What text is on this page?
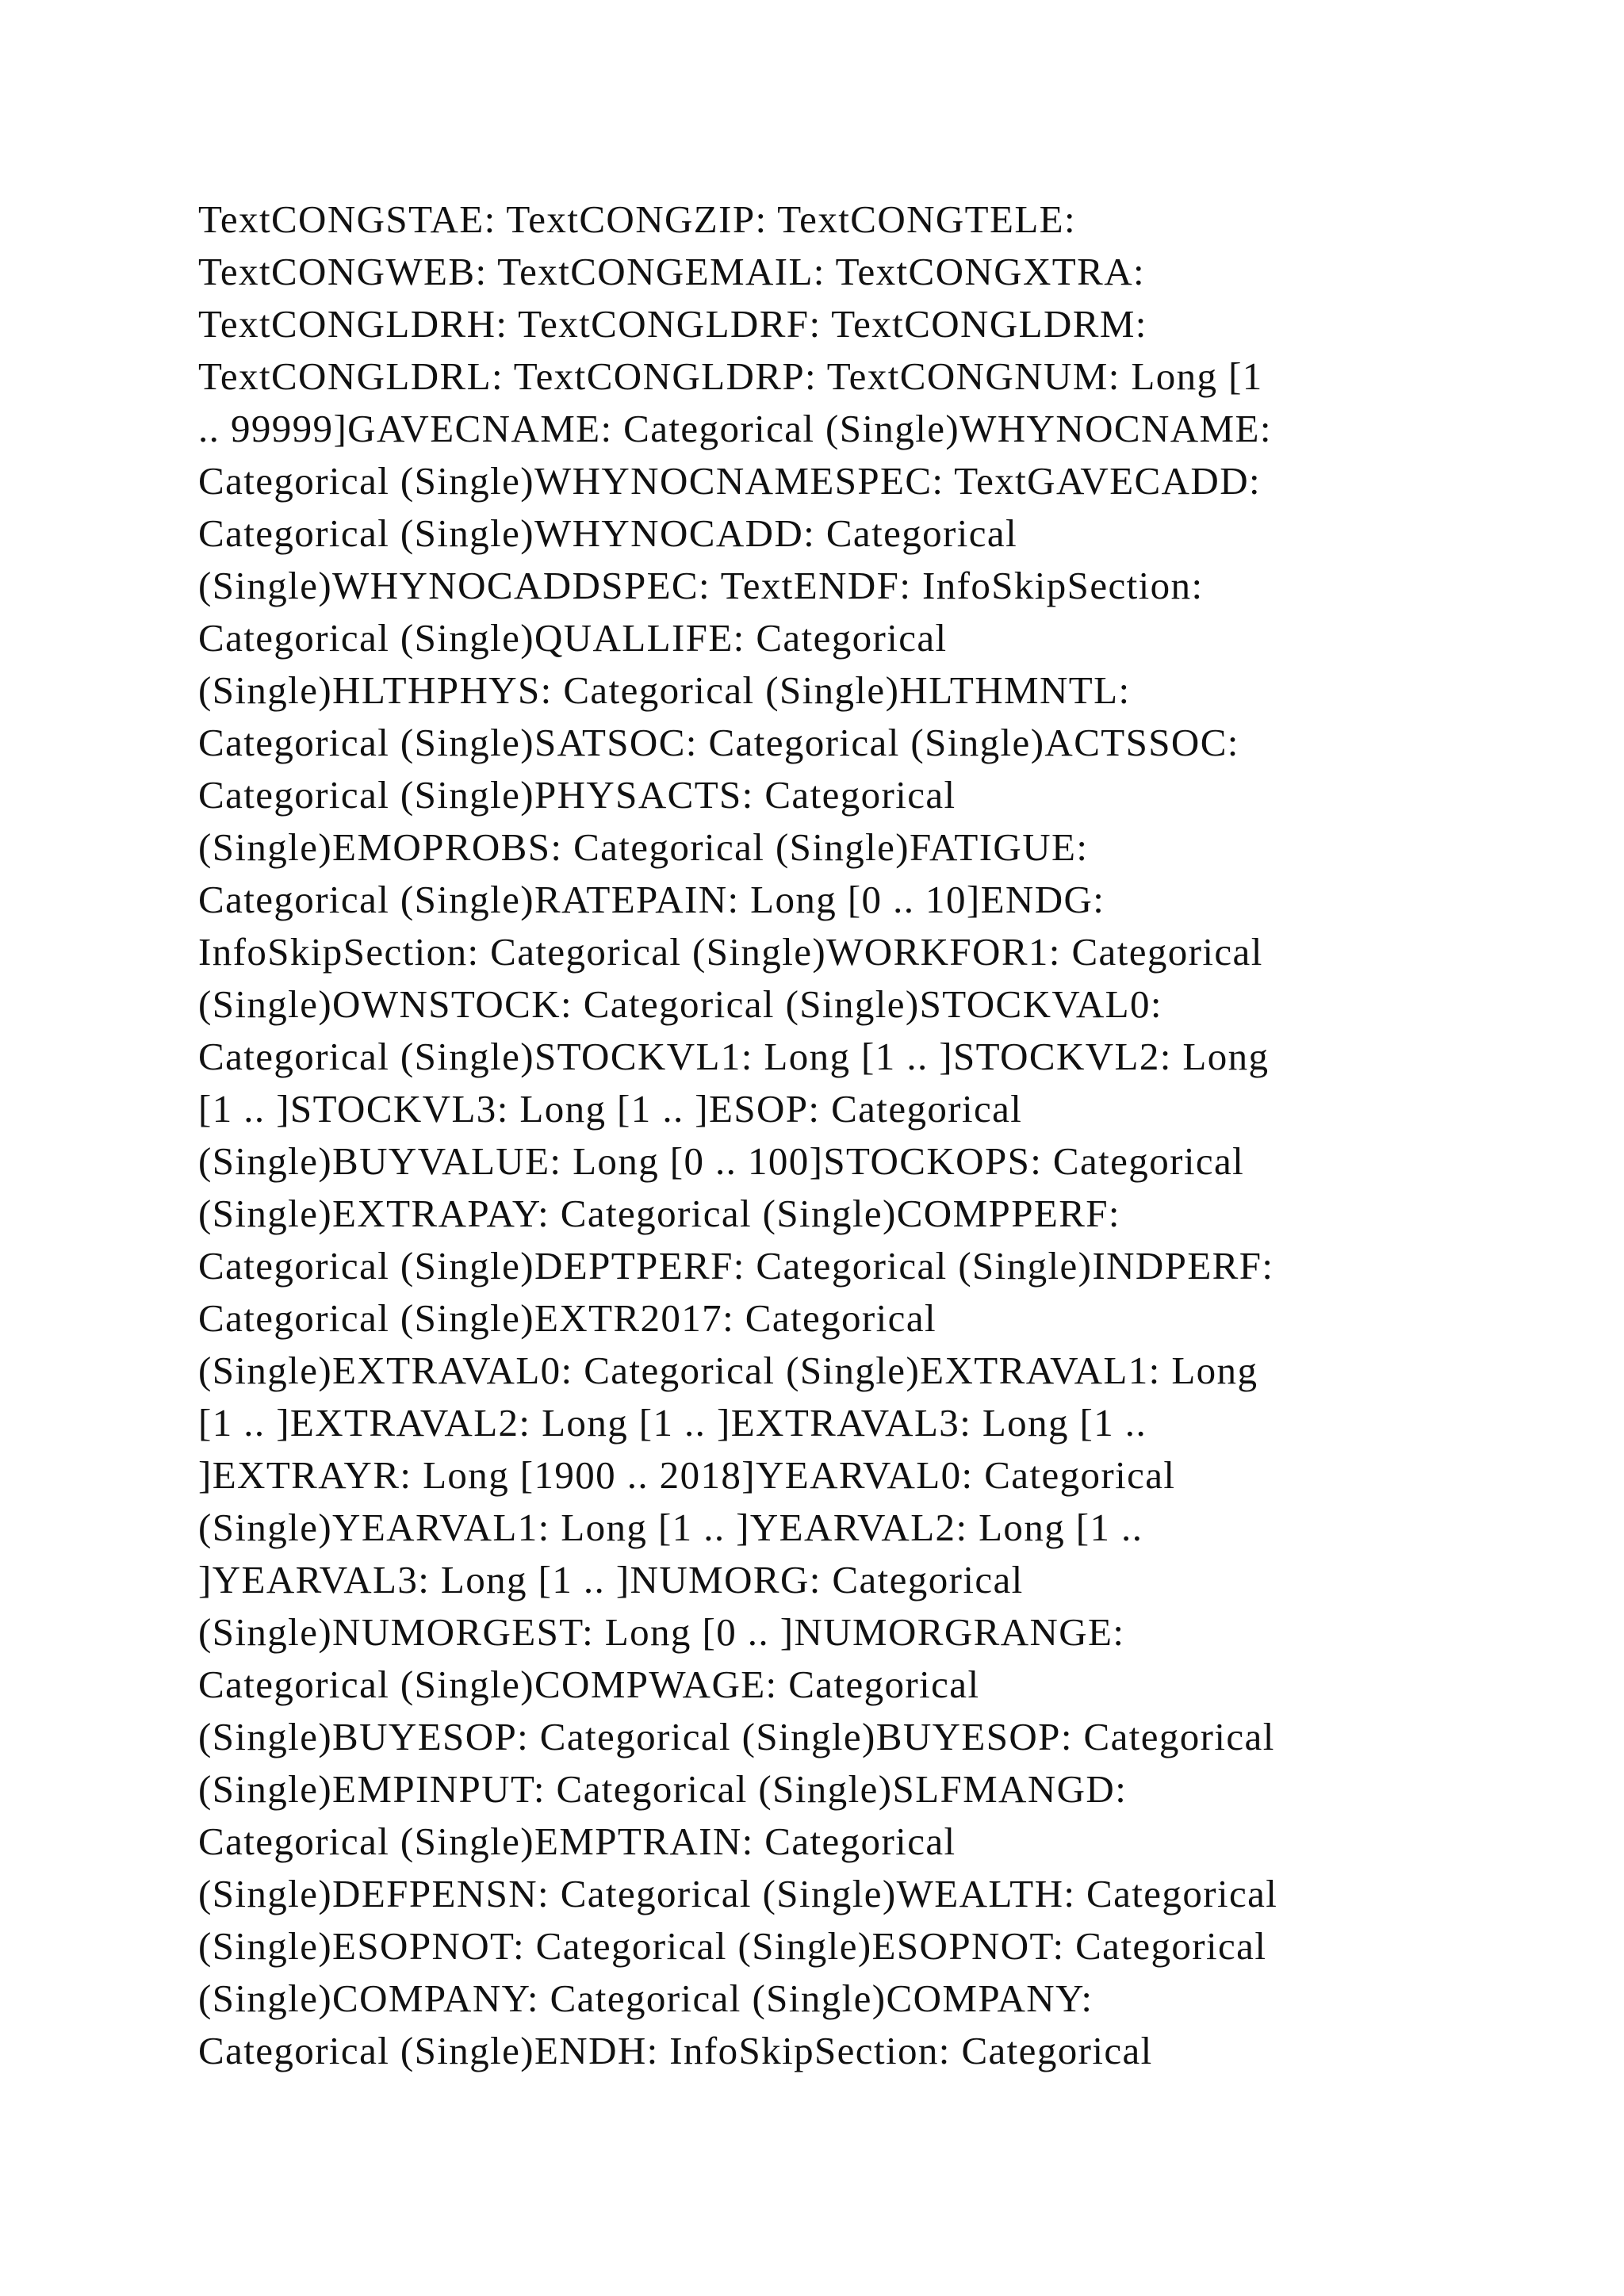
TextCONGSTAE: TextCONGZIP: TextCONGTELE:
TextCONGWEB: TextCONGEMAIL: TextCONGXTRA:
TextCONGLDRH: TextCONGLDRF: TextCONGLDRM:
TextCONGLDRL: TextCONGLDRP: TextCONGNUM: Long [1
.. 99999]GAVECNAME: Categorical (Single)WHYNOCNAME:
Categorical (Single)WHYNOCNAMESPEC: TextGAVECADD:
Categorical (Single)WHYNOCADD: Categorical
(Single)WHYNOCADDSPEC: TextENDF: InfoSkipSection:
Categorical (Single)QUALLIFE: Categorical
(Single)HLTHPHYS: Categorical (Single)HLTHMNTL:
Categorical (Single)SATSOC: Categorical (Single)ACTSSOC:
Categorical (Single)PHYSACTS: Categorical
(Single)EMOPROBS: Categorical (Single)FATIGUE:
Categorical (Single)RATEPAIN: Long [0 .. 10]ENDG:
InfoSkipSection: Categorical (Single)WORKFOR1: Categorical
(Single)OWNSTOCK: Categorical (Single)STOCKVAL0:
Categorical (Single)STOCKVL1: Long [1 .. ]STOCKVL2: Long
[1 .. ]STOCKVL3: Long [1 .. ]ESOP: Categorical
(Single)BUYVALUE: Long [0 .. 100]STOCKOPS: Categorical
(Single)EXTRAPAY: Categorical (Single)COMPPERF:
Categorical (Single)DEPTPERF: Categorical (Single)INDPERF:
Categorical (Single)EXTR2017: Categorical
(Single)EXTRAVAL0: Categorical (Single)EXTRAVAL1: Long
[1 .. ]EXTRAVAL2: Long [1 .. ]EXTRAVAL3: Long [1 ..
]EXTRAYR: Long [1900 .. 2018]YEARVAL0: Categorical
(Single)YEARVAL1: Long [1 .. ]YEARVAL2: Long [1 ..
]YEARVAL3: Long [1 .. ]NUMORG: Categorical
(Single)NUMORGEST: Long [0 .. ]NUMORGRANGE:
Categorical (Single)COMPWAGE: Categorical
(Single)BUYESOP: Categorical (Single)BUYESOP: Categorical
(Single)EMPINPUT: Categorical (Single)SLFMANGD:
Categorical (Single)EMPTRAIN: Categorical
(Single)DEFPENSN: Categorical (Single)WEALTH: Categorical
(Single)ESOPNOT: Categorical (Single)ESOPNOT: Categorical
(Single)COMPANY: Categorical (Single)COMPANY:
Categorical (Single)ENDH: InfoSkipSection: Categorical
